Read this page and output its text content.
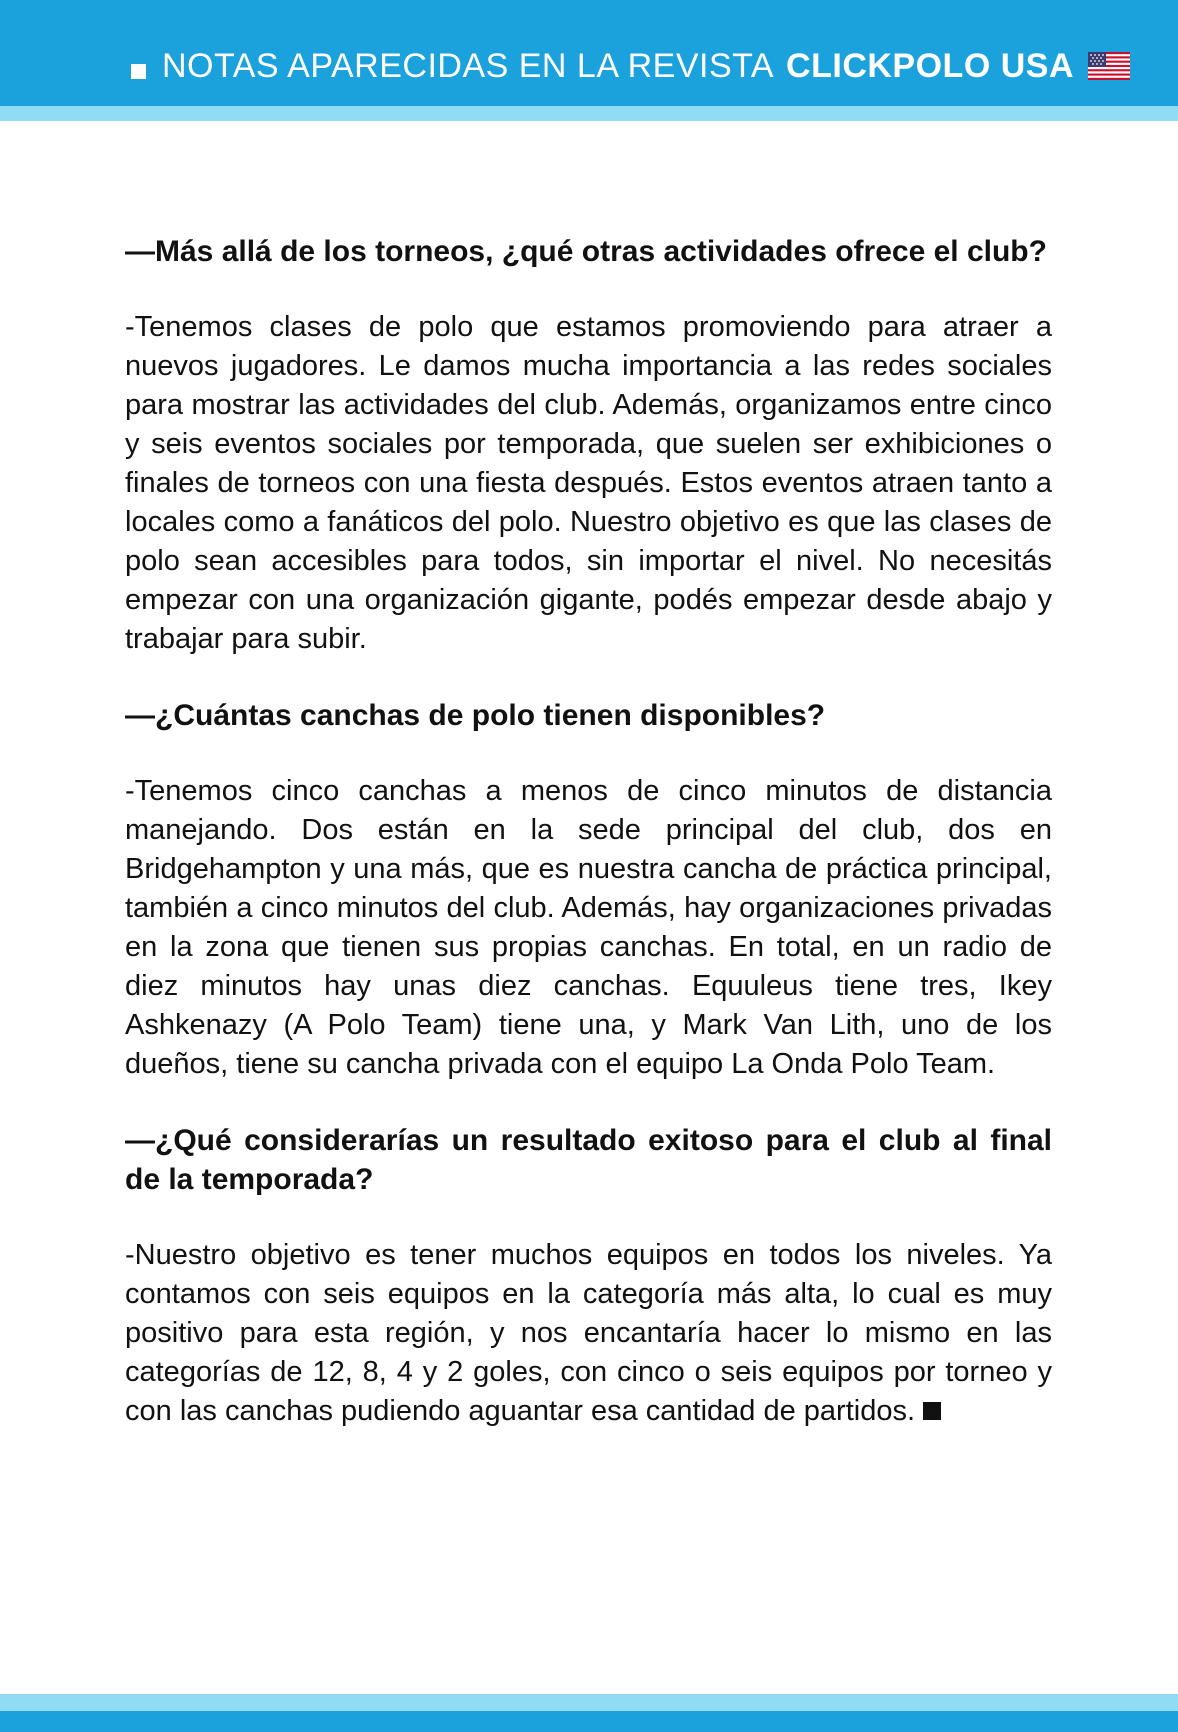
NOTAS APARECIDAS EN LA REVISTA CLICKPOLO USA

—Más allá de los torneos, ¿qué otras actividades ofrece el club?

-Tenemos clases de polo que estamos promoviendo para atraer a nuevos jugadores. Le damos mucha importancia a las redes sociales para mostrar las actividades del club. Además, organizamos entre cinco y seis eventos sociales por temporada, que suelen ser exhibiciones o finales de torneos con una fiesta después. Estos eventos atraen tanto a locales como a fanáticos del polo. Nuestro objetivo es que las clases de polo sean accesibles para todos, sin importar el nivel. No necesitás empezar con una organización gigante, podés empezar desde abajo y trabajar para subir.

—¿Cuántas canchas de polo tienen disponibles?

-Tenemos cinco canchas a menos de cinco minutos de distancia manejando. Dos están en la sede principal del club, dos en Bridgehampton y una más, que es nuestra cancha de práctica principal, también a cinco minutos del club. Además, hay organizaciones privadas en la zona que tienen sus propias canchas. En total, en un radio de diez minutos hay unas diez canchas. Equuleus tiene tres, Ikey Ashkenazy (A Polo Team) tiene una, y Mark Van Lith, uno de los dueños, tiene su cancha privada con el equipo La Onda Polo Team.

—¿Qué considerarías un resultado exitoso para el club al final de la temporada?

-Nuestro objetivo es tener muchos equipos en todos los niveles. Ya contamos con seis equipos en la categoría más alta, lo cual es muy positivo para esta región, y nos encantaría hacer lo mismo en las categorías de 12, 8, 4 y 2 goles, con cinco o seis equipos por torneo y con las canchas pudiendo aguantar esa cantidad de partidos.
